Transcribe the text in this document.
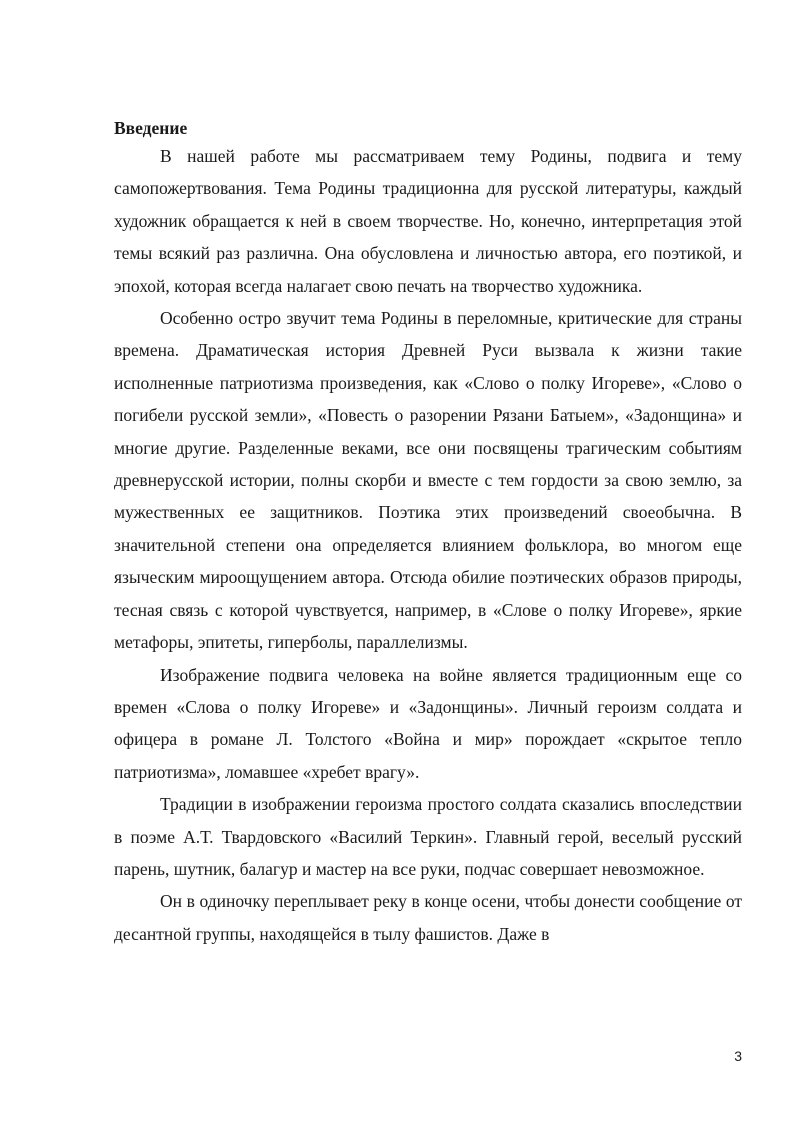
Введение

В нашей работе мы рассматриваем тему Родины, подвига и тему самопожертвования. Тема Родины традиционна для русской литературы, каждый художник обращается к ней в своем творчестве. Но, конечно, интерпретация этой темы всякий раз различна. Она обусловлена и личностью автора, его поэтикой, и эпохой, которая всегда налагает свою печать на творчество художника.

Особенно остро звучит тема Родины в переломные, критические для страны времена. Драматическая история Древней Руси вызвала к жизни такие исполненные патриотизма произведения, как «Слово о полку Игореве», «Слово о погибели русской земли», «Повесть о разорении Рязани Батыем», «Задонщина» и многие другие. Разделенные веками, все они посвящены трагическим событиям древнерусской истории, полны скорби и вместе с тем гордости за свою землю, за мужественных ее защитников. Поэтика этих произведений своеобычна. В значительной степени она определяется влиянием фольклора, во многом еще языческим мироощущением автора. Отсюда обилие поэтических образов природы, тесная связь с которой чувствуется, например, в «Слове о полку Игореве», яркие метафоры, эпитеты, гиперболы, параллелизмы.

Изображение подвига человека на войне является традиционным еще со времен «Слова о полку Игореве» и «Задонщины». Личный героизм солдата и офицера в романе Л. Толстого «Война и мир» порождает «скрытое тепло патриотизма», ломавшее «хребет врагу».

Традиции в изображении героизма простого солдата сказались впоследствии в поэме А.Т. Твардовского «Василий Теркин». Главный герой, веселый русский парень, шутник, балагур и мастер на все руки, подчас совершает невозможное.

Он в одиночку переплывает реку в конце осени, чтобы донести сообщение от десантной группы, находящейся в тылу фашистов. Даже в

3
